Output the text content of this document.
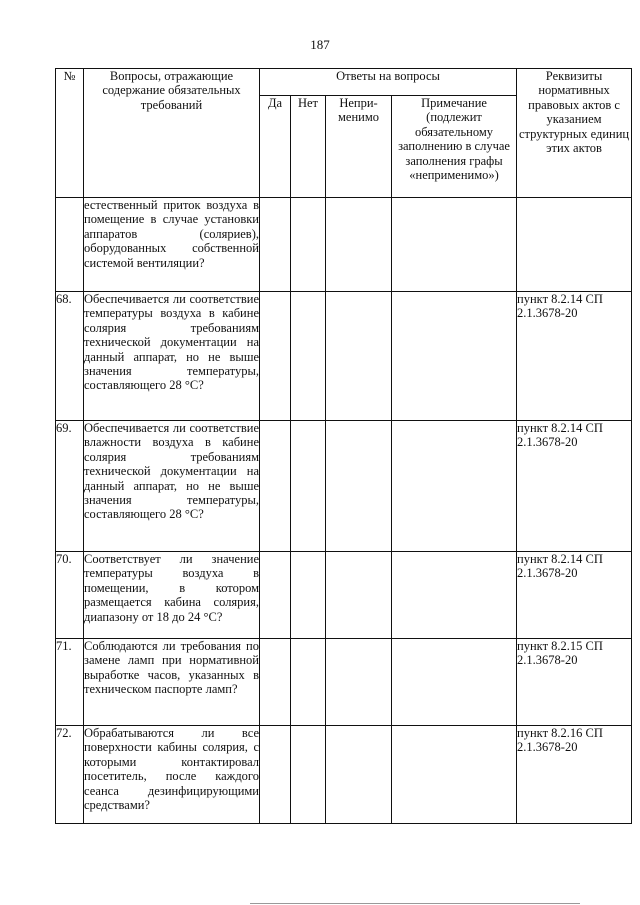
187
№	Вопросы, отражающие содержание обязательных требований	Ответы на вопросы				Реквизиты нормативных правовых актов с указанием структурных единиц этих актов
		Да	Нет	Непри-менимо	Примечание (подлежит обязательному заполнению в случае заполнения графы «неприменимо»)	
	естественный приток воздуха в помещение в случае установки аппаратов (соляриев), оборудованных собственной системой вентиляции?					
68.	Обеспечивается ли соответствие температуры воздуха в кабине солярия требованиям технической документации на данный аппарат, но не выше значения температуры, составляющего 28 °С?					пункт 8.2.14 СП 2.1.3678-20
69.	Обеспечивается ли соответствие влажности воздуха в кабине солярия требованиям технической документации на данный аппарат, но не выше значения температуры, составляющего 28 °С?					пункт 8.2.14 СП 2.1.3678-20
70.	Соответствует ли значение температуры воздуха в помещении, в котором размещается кабина солярия, диапазону от 18 до 24 °С?					пункт 8.2.14 СП 2.1.3678-20
71.	Соблюдаются ли требования по замене ламп при нормативной выработке часов, указанных в техническом паспорте ламп?					пункт 8.2.15 СП 2.1.3678-20
72.	Обрабатываются ли все поверхности кабины солярия, с которыми контактировал посетитель, после каждого сеанса дезинфицирующими средствами?					пункт 8.2.16 СП 2.1.3678-20
